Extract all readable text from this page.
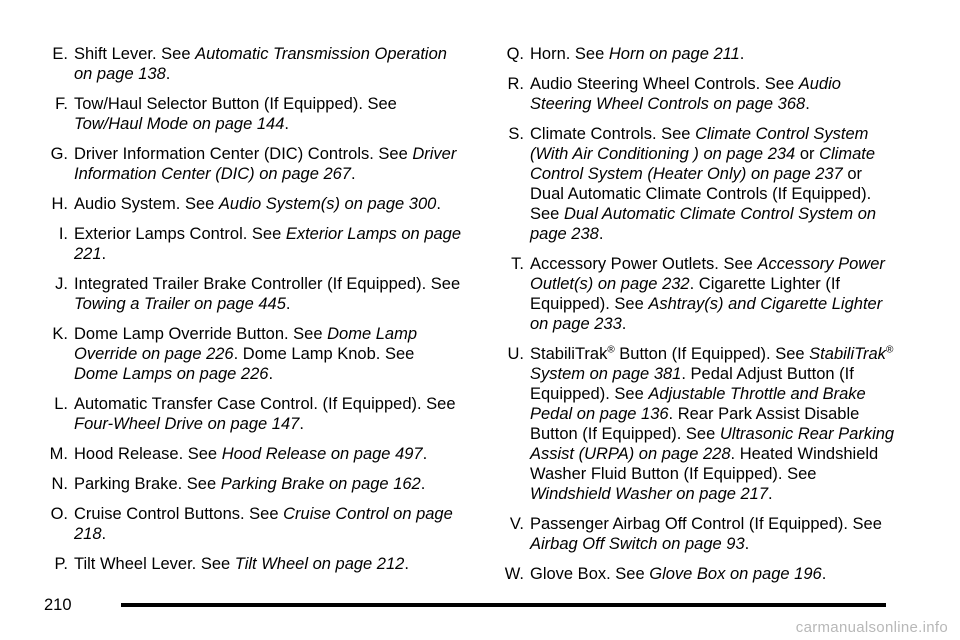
E. Shift Lever. See Automatic Transmission Operation on page 138.
F. Tow/Haul Selector Button (If Equipped). See Tow/Haul Mode on page 144.
G. Driver Information Center (DIC) Controls. See Driver Information Center (DIC) on page 267.
H. Audio System. See Audio System(s) on page 300.
I. Exterior Lamps Control. See Exterior Lamps on page 221.
J. Integrated Trailer Brake Controller (If Equipped). See Towing a Trailer on page 445.
K. Dome Lamp Override Button. See Dome Lamp Override on page 226. Dome Lamp Knob. See Dome Lamps on page 226.
L. Automatic Transfer Case Control. (If Equipped). See Four-Wheel Drive on page 147.
M. Hood Release. See Hood Release on page 497.
N. Parking Brake. See Parking Brake on page 162.
O. Cruise Control Buttons. See Cruise Control on page 218.
P. Tilt Wheel Lever. See Tilt Wheel on page 212.
Q. Horn. See Horn on page 211.
R. Audio Steering Wheel Controls. See Audio Steering Wheel Controls on page 368.
S. Climate Controls. See Climate Control System (With Air Conditioning ) on page 234 or Climate Control System (Heater Only) on page 237 or Dual Automatic Climate Controls (If Equipped). See Dual Automatic Climate Control System on page 238.
T. Accessory Power Outlets. See Accessory Power Outlet(s) on page 232. Cigarette Lighter (If Equipped). See Ashtray(s) and Cigarette Lighter on page 233.
U. StabiliTrak® Button (If Equipped). See StabiliTrak® System on page 381. Pedal Adjust Button (If Equipped). See Adjustable Throttle and Brake Pedal on page 136. Rear Park Assist Disable Button (If Equipped). See Ultrasonic Rear Parking Assist (URPA) on page 228. Heated Windshield Washer Fluid Button (If Equipped). See Windshield Washer on page 217.
V. Passenger Airbag Off Control (If Equipped). See Airbag Off Switch on page 93.
W. Glove Box. See Glove Box on page 196.
210
carmanualsonline.info
